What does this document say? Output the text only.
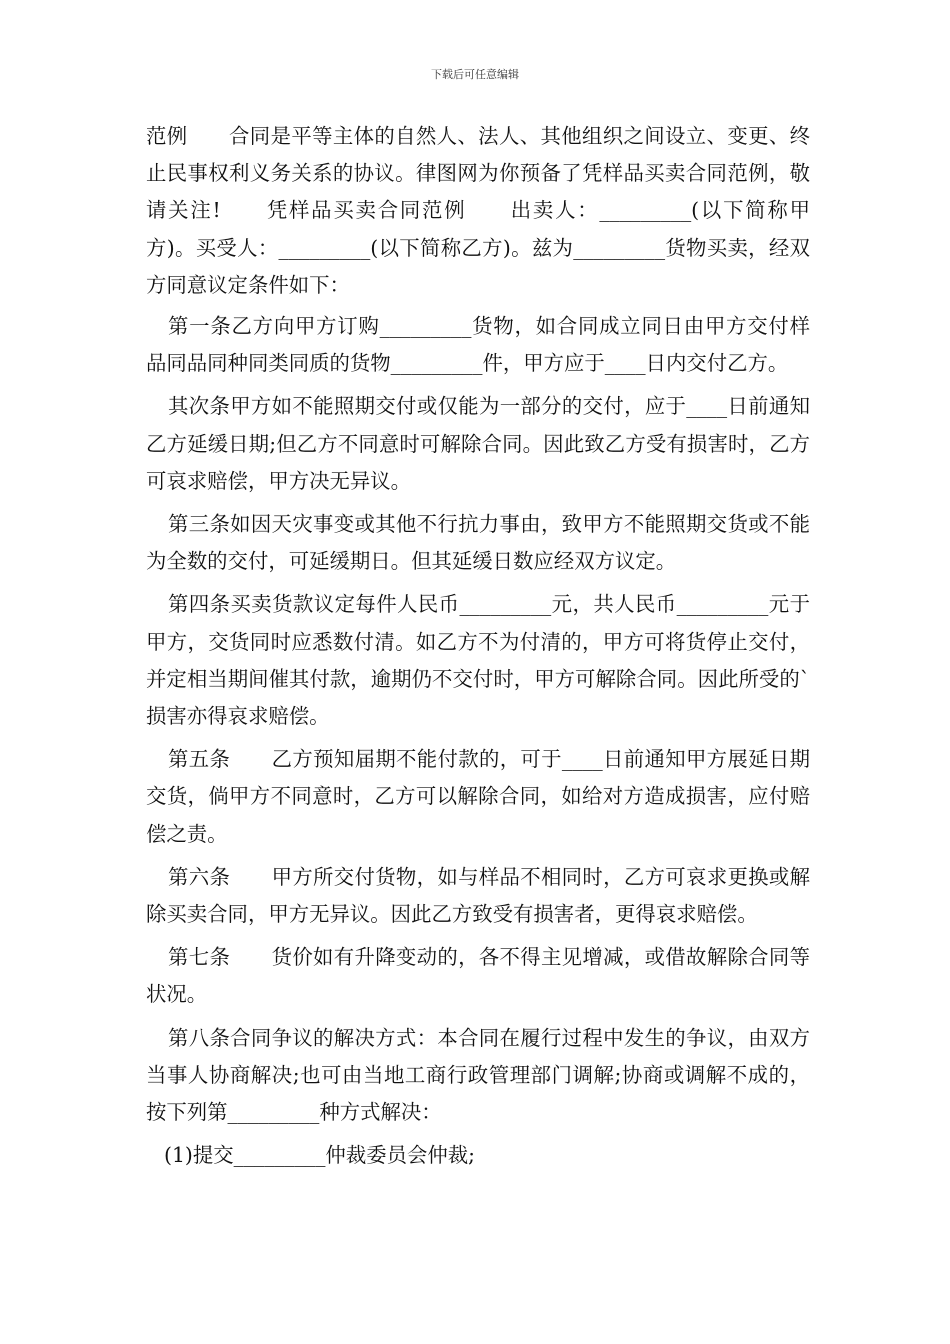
下载后可任意编辑

范例　　合同是平等主体的自然人、法人、其他组织之间设立、变更、终止民事权利义务关系的协议。律图网为你预备了凭样品买卖合同范例，敬请关注!　　凭样品买卖合同范例　　出卖人：_________(以下简称甲方)。买受人：_________(以下简称乙方)。兹为_________货物买卖，经双方同意议定条件如下：

第一条乙方向甲方订购_________货物，如合同成立同日由甲方交付样品同品同种同类同质的货物_________件，甲方应于____日内交付乙方。

其次条甲方如不能照期交付或仅能为一部分的交付，应于____日前通知乙方延缓日期;但乙方不同意时可解除合同。因此致乙方受有损害时，乙方可哀求赔偿，甲方决无异议。

第三条如因天灾事变或其他不行抗力事由，致甲方不能照期交货或不能为全数的交付，可延缓期日。但其延缓日数应经双方议定。

第四条买卖货款议定每件人民币_________元，共人民币_________元于甲方，交货同时应悉数付清。如乙方不为付清的，甲方可将货停止交付，并定相当期间催其付款，逾期仍不交付时，甲方可解除合同。因此所受的`损害亦得哀求赔偿。

第五条　　乙方预知届期不能付款的，可于____日前通知甲方展延日期交货，倘甲方不同意时，乙方可以解除合同，如给对方造成损害，应付赔偿之责。

第六条　　甲方所交付货物，如与样品不相同时，乙方可哀求更换或解除买卖合同，甲方无异议。因此乙方致受有损害者，更得哀求赔偿。

第七条　　货价如有升降变动的，各不得主见增减，或借故解除合同等状况。

第八条合同争议的解决方式：本合同在履行过程中发生的争议，由双方当事人协商解决;也可由当地工商行政管理部门调解;协商或调解不成的，按下列第_________种方式解决：

(1)提交_________仲裁委员会仲裁;
